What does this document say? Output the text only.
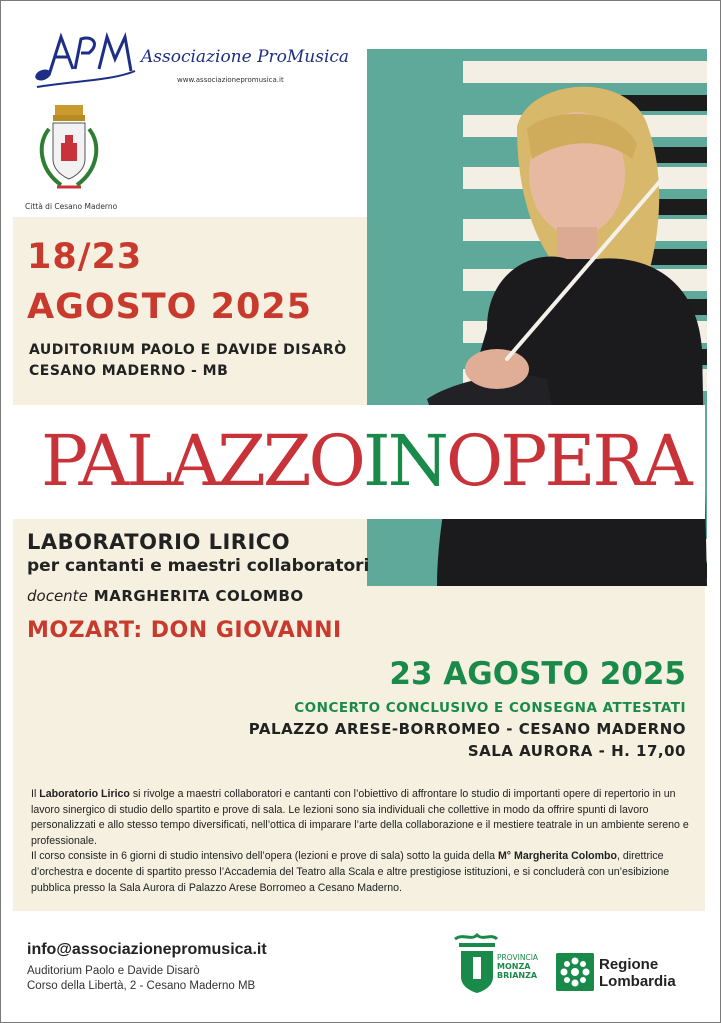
Associazione ProMusica
www.associazionepromusica.it
Città di Cesano Maderno
18/23
AGOSTO 2025
AUDITORIUM PAOLO E DAVIDE DISARÒ
CESANO MADERNO - MB
PALAZZOINOPERA
LABORATORIO LIRICO
per cantanti e maestri collaboratori
docente MARGHERITA COLOMBO
MOZART: DON GIOVANNI
23 AGOSTO 2025
CONCERTO CONCLUSIVO E CONSEGNA ATTESTATI
PALAZZO ARESE-BORROMEO - CESANO MADERNO
SALA AURORA - H. 17,00

Il Laboratorio Lirico si rivolge a maestri collaboratori e cantanti con l’obiettivo di affrontare lo studio di importanti opere di repertorio in un lavoro sinergico di studio dello spartito e prove di sala. Le lezioni sono sia individuali che collettive in modo da offrire spunti di lavoro personalizzati e allo stesso tempo diversificati, nell’ottica di imparare l’arte della collaborazione e il mestiere teatrale in un ambiente sereno e professionale.

Il corso consiste in 6 giorni di studio intensivo dell’opera (lezioni e prove di sala) sotto la guida della M° Margherita Colombo, direttrice d’orchestra e docente di spartito presso l’Accademia del Teatro alla Scala e altre prestigiose istituzioni, e si concluderà con un’esibizione pubblica presso la Sala Aurora di Palazzo Arese Borromeo a Cesano Maderno.

info@associazionepromusica.it
Auditorium Paolo e Davide Disarò
Corso della Libertà, 2 - Cesano Maderno MB
PROVINCIA
MONZA
BRIANZA
Regione
Lombardia
